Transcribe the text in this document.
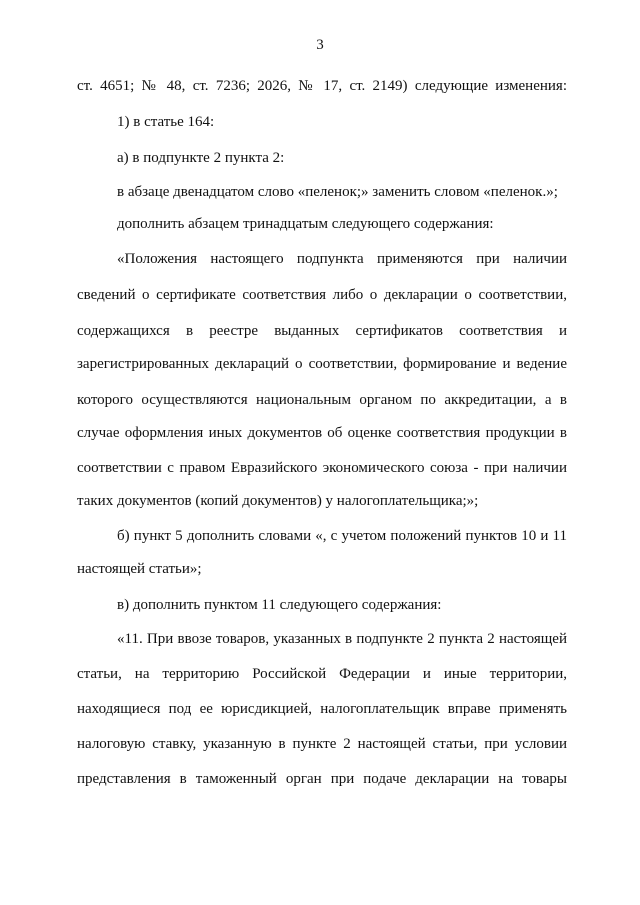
3
ст. 4651; № 48, ст. 7236; 2026, № 17, ст. 2149) следующие изменения:
1) в статье 164:
а) в подпункте 2 пункта 2:
в абзаце двенадцатом слово «пеленок;» заменить словом «пеленок.»;
дополнить абзацем тринадцатым следующего содержания:
«Положения настоящего подпункта применяются при наличии
сведений о сертификате соответствия либо о декларации о соответствии,
содержащихся в реестре выданных сертификатов соответствия и
зарегистрированных деклараций о соответствии, формирование и ведение
которого осуществляются национальным органом по аккредитации, а в
случае оформления иных документов об оценке соответствия продукции в
соответствии с правом Евразийского экономического союза - при наличии
таких документов (копий документов) у налогоплательщика;»;
б) пункт 5 дополнить словами «, с учетом положений пунктов 10 и 11
настоящей статьи»;
в) дополнить пунктом 11 следующего содержания:
«11. При ввозе товаров, указанных в подпункте 2 пункта 2 настоящей
статьи, на территорию Российской Федерации и иные территории,
находящиеся под ее юрисдикцией, налогоплательщик вправе применять
налоговую ставку, указанную в пункте 2 настоящей статьи, при условии
представления в таможенный орган при подаче декларации на товары
